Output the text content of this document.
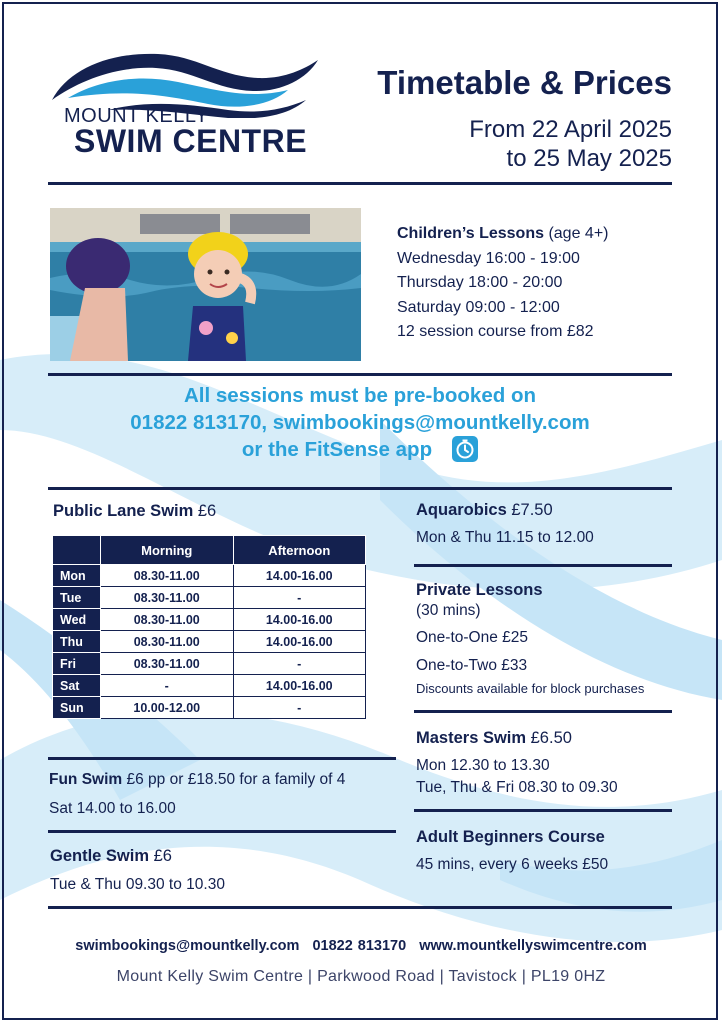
MOUNT KELLY
SWIM CENTRE
Timetable & Prices
From 22 April 2025
to 25 May 2025
Children’s Lessons (age 4+)
Wednesday 16:00 - 19:00
Thursday 18:00 - 20:00
Saturday 09:00 - 12:00
12 session course from £82
All sessions must be pre-booked on
01822 813170, swimbookings@mountkelly.com
or the FitSense app
Public Lane Swim £6
	Morning	Afternoon
Mon	08.30-11.00	14.00-16.00
Tue	08.30-11.00	-
Wed	08.30-11.00	14.00-16.00
Thu	08.30-11.00	14.00-16.00
Fri	08.30-11.00	-
Sat	-	14.00-16.00
Sun	10.00-12.00	-
Fun Swim £6 pp or £18.50 for a family of 4
Sat 14.00 to 16.00
Gentle Swim £6
Tue & Thu 09.30 to 10.30
Aquarobics £7.50
Mon & Thu 11.15 to 12.00
Private Lessons
(30 mins)
One-to-One £25
One-to-Two £33
Discounts available for block purchases
Masters Swim £6.50
Mon 12.30 to 13.30
Tue, Thu & Fri 08.30 to 09.30
Adult Beginners Course
45 mins, every 6 weeks £50
swimbookings@mountkelly.com 01822 813170 www.mountkellyswimcentre.com
Mount Kelly Swim Centre | Parkwood Road | Tavistock | PL19 0HZ
